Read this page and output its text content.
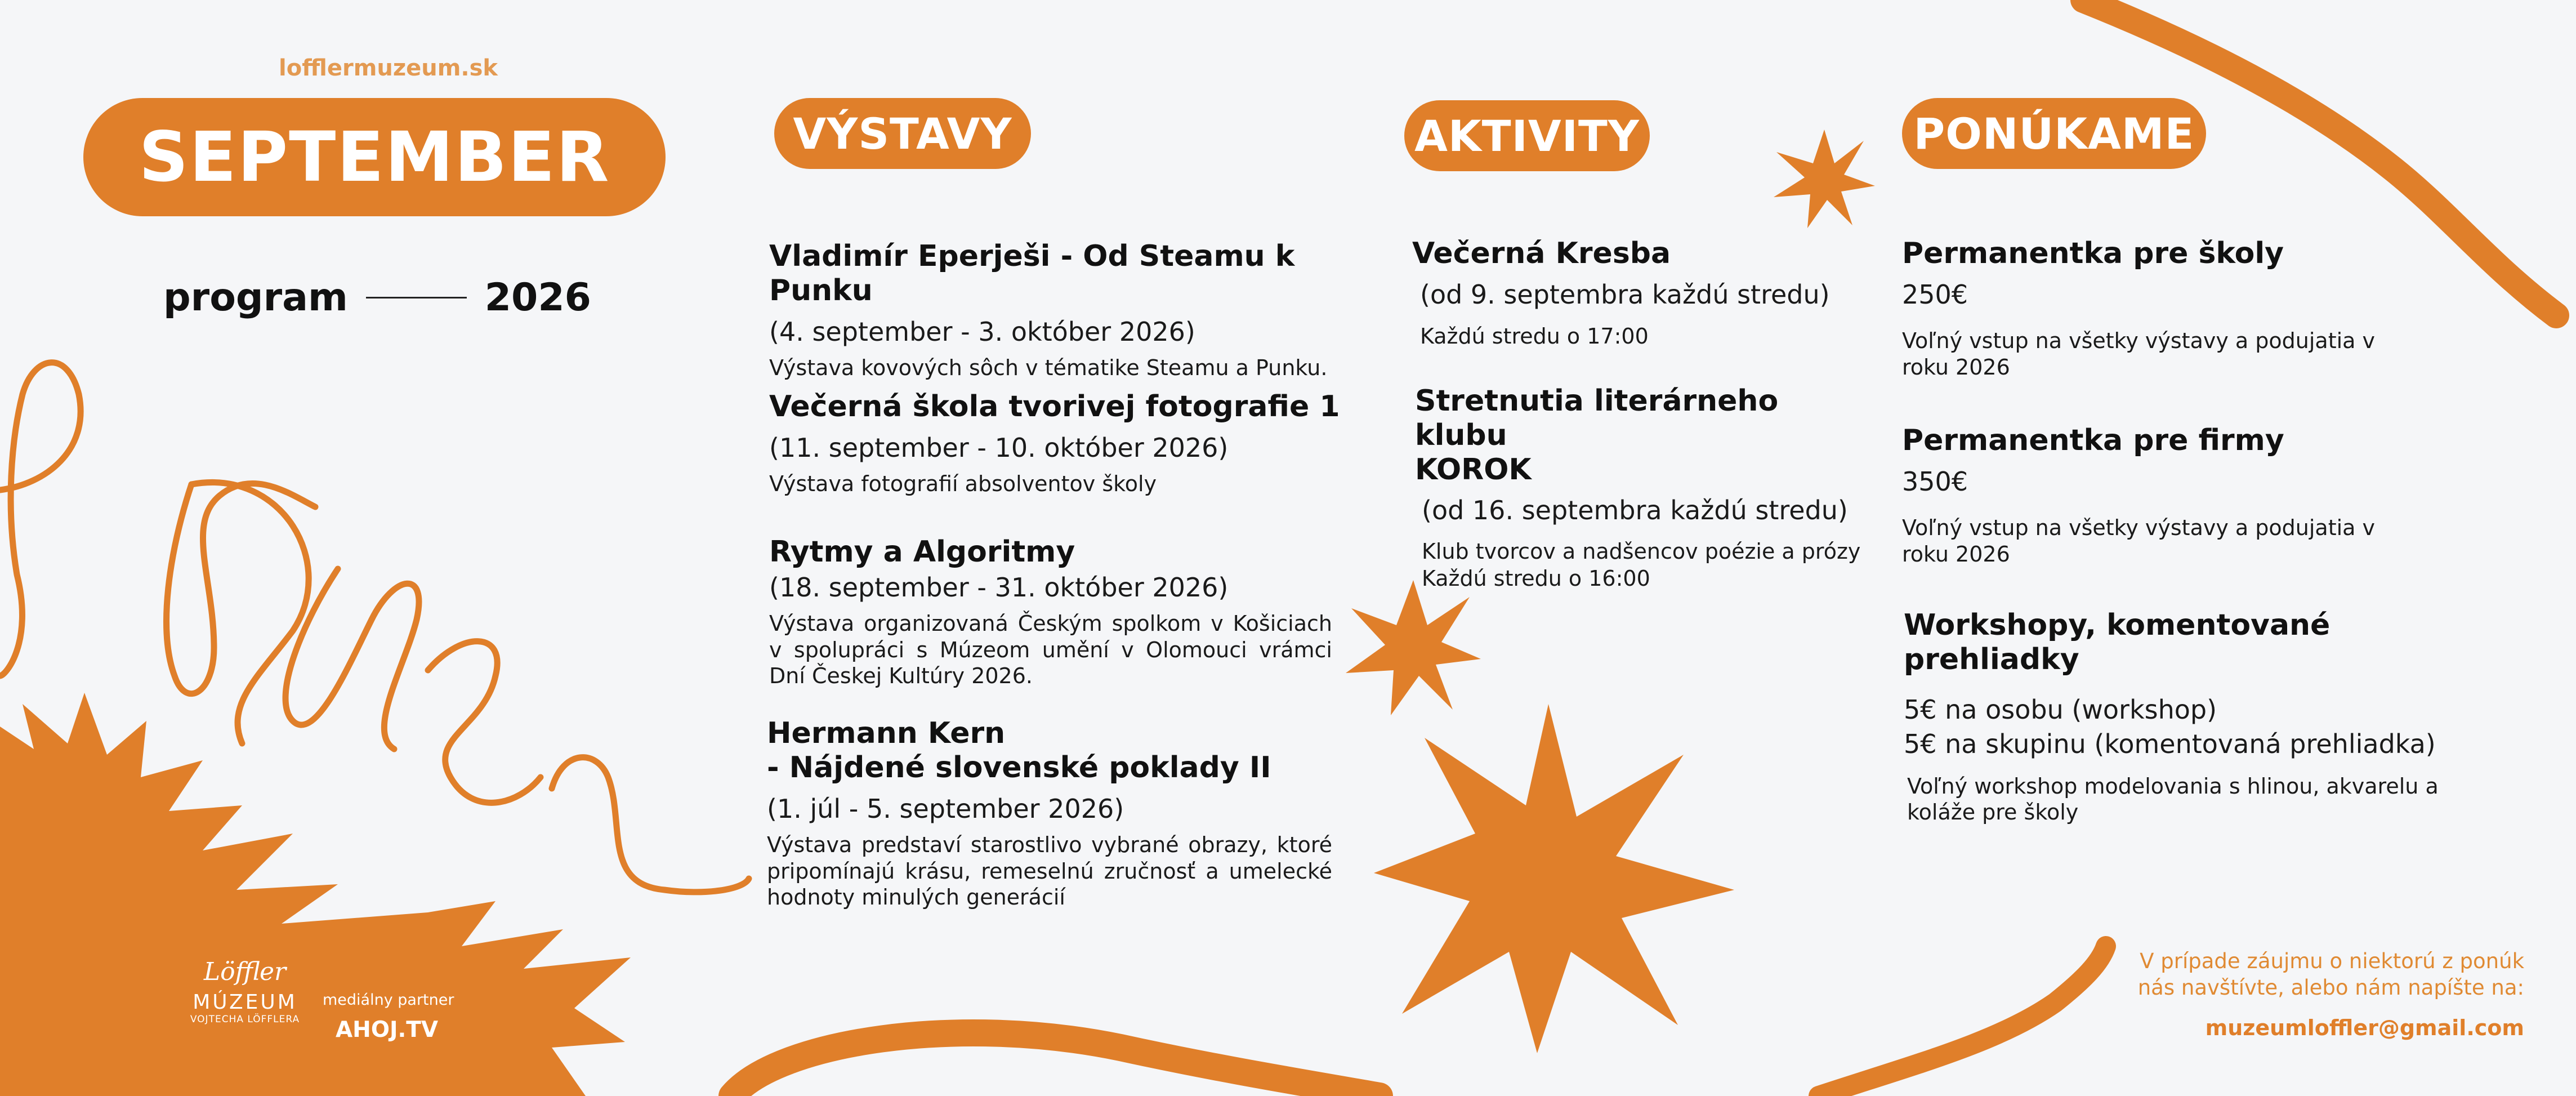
lofflermuzeum.sk
SEPTEMBER
program	2026
VÝSTAVY

Vladimír Eperješi - Od Steamu k Punku

(4. september - 3. október 2026)

Výstava kovových sôch v tématike Steamu a Punku.

Večerná škola tvorivej fotografie 1

(11. september - 10. október 2026)

Výstava fotografií absolventov školy

Rytmy a Algoritmy

(18. september - 31. október 2026)

Výstava organizovaná Českým spolkom v Košiciach v spolupráci s Múzeom umění v Olomouci vrámci Dní Českej Kultúry 2026.

Hermann Kern

- Nájdené slovenské poklady II

(1. júl - 5. september 2026)

Výstava predstaví starostlivo vybrané obrazy, ktoré pripomínajú krásu, remeselnú zručnosť a umelecké hodnoty minulých generácií

AKTIVITY

Večerná Kresba

(od 9. septembra každú stredu)

Každú stredu o 17:00

Stretnutia literárneho klubu

KOROK

(od 16. septembra každú stredu)

Klub tvorcov a nadšencov poézie a prózy

Každú stredu o 16:00

PONÚKAME

Permanentka pre školy

250€

Voľný vstup na všetky výstavy a podujatia v roku 2026

Permanentka pre firmy

350€

Voľný vstup na všetky výstavy a podujatia v roku 2026

Workshopy, komentované prehliadky

5€ na osobu (workshop)

5€ na skupinu (komentovaná prehliadka)

Voľný workshop modelovania s hlinou, akvarelu a koláže pre školy

V prípade záujmu o niektorú z ponúk
nás navštívte, alebo nám napíšte na:
muzeumloffler@gmail.com
Löffler
MÚZEUM
VOJTECHA LÖFFLERA
mediálny partner
AHOJ.TV
